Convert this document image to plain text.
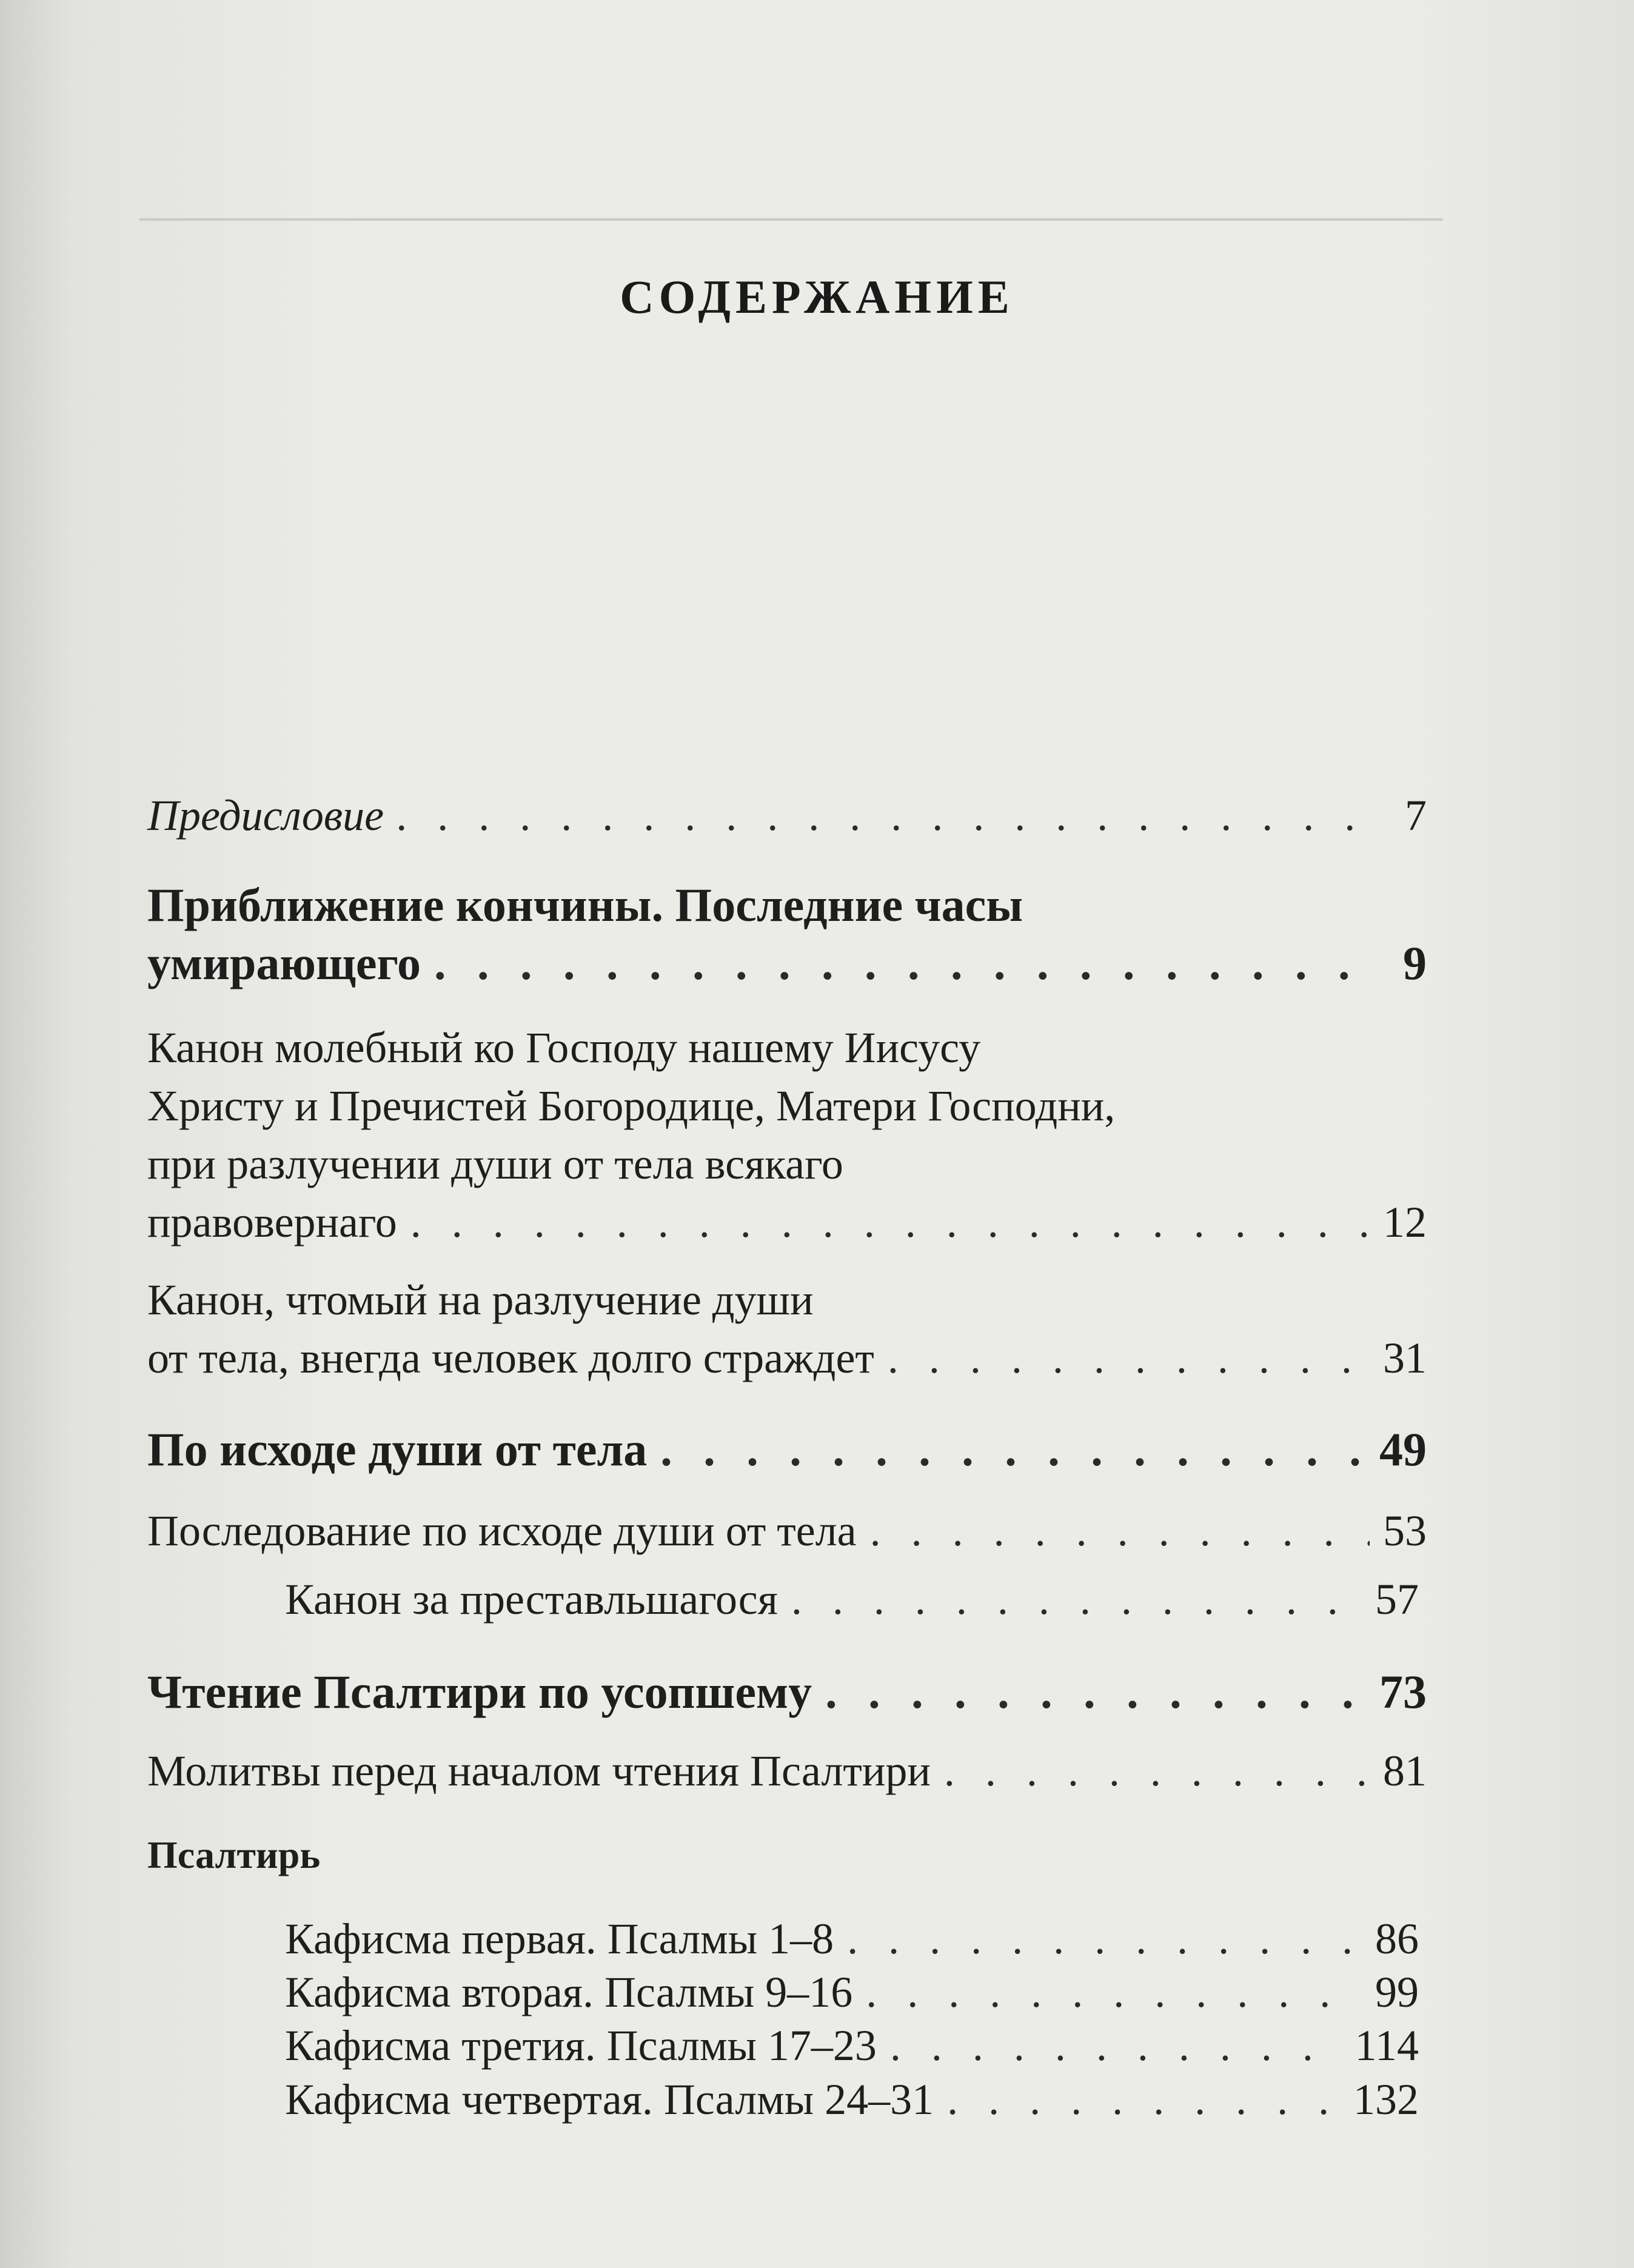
СОДЕРЖАНИЕ
Предисловие . . .	7
Приближение кончины. Последние часы
умирающего . . .	9
Канон молебный ко Господу нашему Иисусу
Христу и Пречистей Богородице, Матери Господни,
при разлучении души от тела всякаго
правовернаго . . .	12
Канон, чтомый на разлучение души
от тела, внегда человек долго страждет . . .	31
По исходе души от тела . . .	49
Последование по исходе души от тела . . .	53
Канон за преставльшагося . . .	57
Чтение Псалтири по усопшему . . .	73
Молитвы перед началом чтения Псалтири . . .	81
Псалтирь
Кафисма первая. Псалмы 1–8 . . .	86
Кафисма вторая. Псалмы 9–16 . . .	99
Кафисма третия. Псалмы 17–23 . . .	114
Кафисма четвертая. Псалмы 24–31 . . .	132
